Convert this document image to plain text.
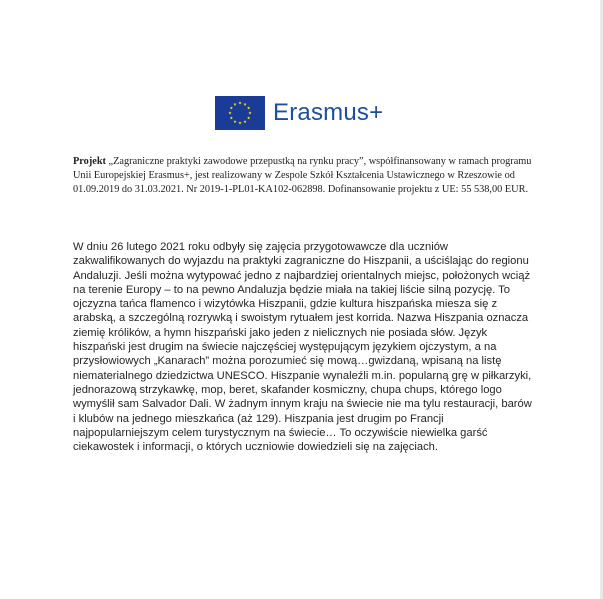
Erasmus+
Projekt „Zagraniczne praktyki zawodowe przepustką na rynku pracy”, współfinansowany w ramach programu Unii Europejskiej Erasmus+, jest realizowany w Zespole Szkół Kształcenia Ustawicznego w Rzeszowie od 01.09.2019 do 31.03.2021. Nr 2019-1-PL01-KA102-062898. Dofinansowanie projektu z UE: 55 538,00 EUR.
W dniu 26 lutego 2021 roku odbyły się zajęcia przygotowawcze dla uczniów zakwalifikowanych do wyjazdu na praktyki zagraniczne do Hiszpanii, a uściślając do regionu Andaluzji. Jeśli można wytypować jedno z najbardziej orientalnych miejsc, położonych wciąż na terenie Europy – to na pewno Andaluzja będzie miała na takiej liście silną pozycję. To ojczyzna tańca flamenco i wizytówka Hiszpanii, gdzie kultura hiszpańska miesza się z arabską, a szczególną rozrywką i swoistym rytuałem jest korrida. Nazwa Hiszpania oznacza ziemię królików, a hymn hiszpański jako jeden z nielicznych nie posiada słów. Język hiszpański jest drugim na świecie najczęściej występującym językiem ojczystym, a na przysłowiowych „Kanarach” można porozumieć się mową…gwizdaną, wpisaną na listę niematerialnego dziedzictwa UNESCO. Hiszpanie wynaleźli m.in. popularną grę w piłkarzyki, jednorazową strzykawkę, mop, beret, skafander kosmiczny, chupa chups, którego logo wymyślił sam Salvador Dali. W żadnym innym kraju na świecie nie ma tylu restauracji, barów i klubów na jednego mieszkańca (aż 129). Hiszpania jest drugim po Francji najpopularniejszym celem turystycznym na świecie… To oczywiście niewielka garść ciekawostek i informacji, o których uczniowie dowiedzieli się na zajęciach.
